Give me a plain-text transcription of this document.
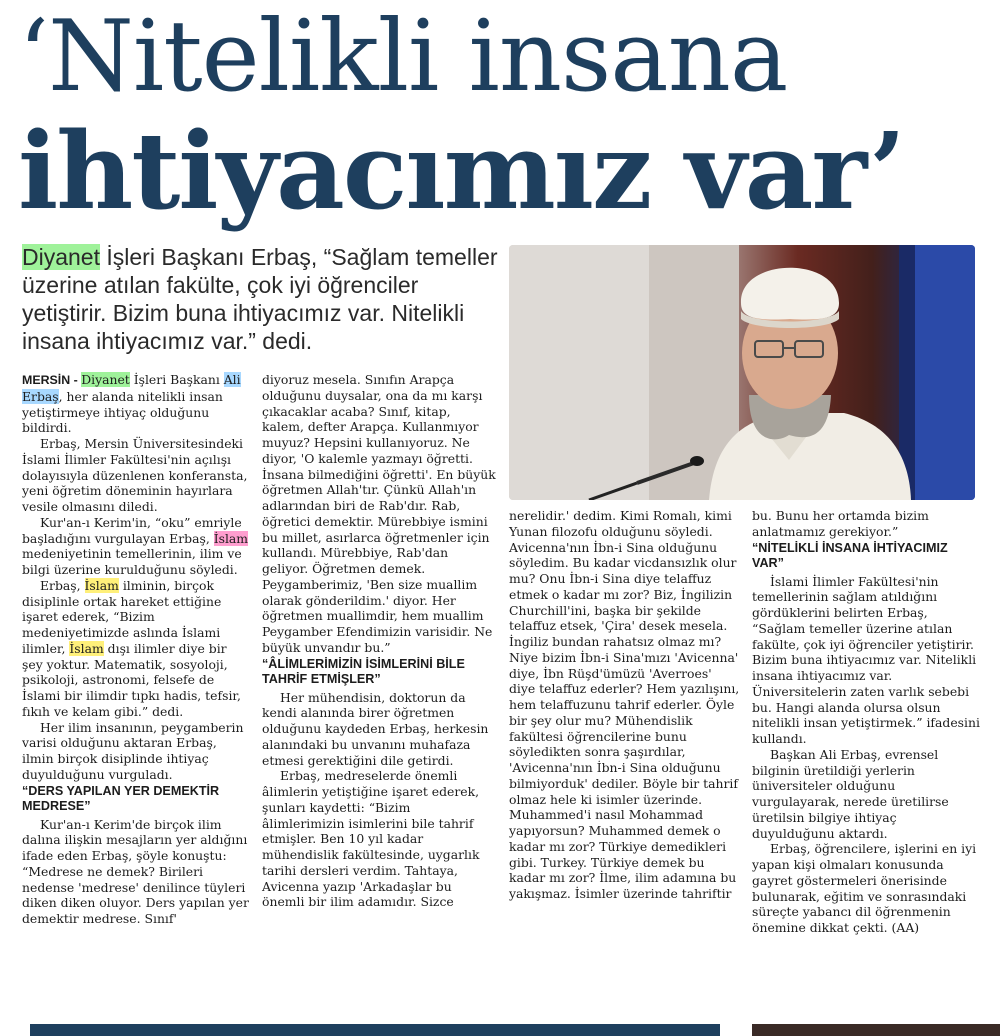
‘Nitelikli insana
ihtiyacımız var’
Diyanet İşleri Başkanı Erbaş, “Sağlam temeller üzerine atılan fakülte, çok iyi öğrenciler yetiştirir. Bizim buna ihtiyacımız var. Nitelikli insana ihtiyacımız var.” dedi.

MERSİN - Diyanet İşleri Başkanı Ali Erbaş, her alanda nitelikli insan yetiştirmeye ihtiyaç olduğunu bildirdi.

Erbaş, Mersin Üniversitesindeki İslami İlimler Fakültesi'nin açılışı dolayısıyla düzenlenen konferansta, yeni öğretim döneminin hayırlara vesile olmasını diledi.

Kur'an-ı Kerim'in, “oku” emriyle başladığını vurgulayan Erbaş, İslam medeniyetinin temellerinin, ilim ve bilgi üzerine kurulduğunu söyledi.

Erbaş, İslam ilminin, birçok disiplinle ortak hareket ettiğine işaret ederek, “Bizim medeniyetimizde aslında İslami ilimler, İslam dışı ilimler diye bir şey yoktur. Matematik, sosyoloji, psikoloji, astronomi, felsefe de İslami bir ilimdir tıpkı hadis, tefsir, fıkıh ve kelam gibi.” dedi.

Her ilim insanının, peygamberin varisi olduğunu aktaran Erbaş, ilmin birçok disiplinde ihtiyaç duyulduğunu vurguladı.

“DERS YAPILAN YER DEMEKTİR MEDRESE”

Kur'an-ı Kerim'de birçok ilim dalına ilişkin mesajların yer aldığını ifade eden Erbaş, şöyle konuştu: “Medrese ne demek? Birileri nedense 'medrese' denilince tüyleri diken diken oluyor. Ders yapılan yer demektir medrese. Sınıf'

diyoruz mesela. Sınıfın Arapça olduğunu duysalar, ona da mı karşı çıkacaklar acaba? Sınıf, kitap, kalem, defter Arapça. Kullanmıyor muyuz? Hepsini kullanıyoruz. Ne diyor, 'O kalemle yazmayı öğretti. İnsana bilmediğini öğretti'. En büyük öğretmen Allah'tır. Çünkü Allah'ın adlarından biri de Rab'dır. Rab, öğretici demektir. Mürebbiye ismini bu millet, asırlarca öğretmenler için kullandı. Mürebbiye, Rab'dan geliyor. Öğretmen demek. Peygamberimiz, 'Ben size muallim olarak gönderildim.' diyor. Her öğretmen muallimdir, hem muallim Peygamber Efendimizin varisidir. Ne büyük unvandır bu.”

“ÂLİMLERİMİZİN İSİMLERİNİ BİLE TAHRİF ETMİŞLER”

Her mühendisin, doktorun da kendi alanında birer öğretmen olduğunu kaydeden Erbaş, herkesin alanındaki bu unvanını muhafaza etmesi gerektiğini dile getirdi.

Erbaş, medreselerde önemli âlimlerin yetiştiğine işaret ederek, şunları kaydetti: “Bizim âlimlerimizin isimlerini bile tahrif etmişler. Ben 10 yıl kadar mühendislik fakültesinde, uygarlık tarihi dersleri verdim. Tahtaya, Avicenna yazıp 'Arkadaşlar bu önemli bir ilim adamıdır. Sizce

nerelidir.' dedim. Kimi Romalı, kimi Yunan filozofu olduğunu söyledi. Avicenna'nın İbn-i Sina olduğunu söyledim. Bu kadar vicdansızlık olur mu? Onu İbn-i Sina diye telaffuz etmek o kadar mı zor? Biz, İngilizin Churchill'ini, başka bir şekilde telaffuz etsek, 'Çira' desek mesela. İngiliz bundan rahatsız olmaz mı? Niye bizim İbn-i Sina'mızı 'Avicenna' diye, İbn Rüşd'ümüzü 'Averroes' diye telaffuz ederler? Hem yazılışını, hem telaffuzunu tahrif ederler. Öyle bir şey olur mu? Mühendislik fakültesi öğrencilerine bunu söyledikten sonra şaşırdılar, 'Avicenna'nın İbn-i Sina olduğunu bilmiyorduk' dediler. Böyle bir tahrif olmaz hele ki isimler üzerinde. Muhammed'i nasıl Mohammad yapıyorsun? Muhammed demek o kadar mı zor? Türkiye demedikleri gibi. Turkey. Türkiye demek bu kadar mı zor? İlme, ilim adamına bu yakışmaz. İsimler üzerinde tahriftir

bu. Bunu her ortamda bizim anlatmamız gerekiyor.”

“NİTELİKLİ İNSANA İHTİYACIMIZ VAR”

İslami İlimler Fakültesi'nin temellerinin sağlam atıldığını gördüklerini belirten Erbaş, “Sağlam temeller üzerine atılan fakülte, çok iyi öğrenciler yetiştirir. Bizim buna ihtiyacımız var. Nitelikli insana ihtiyacımız var. Üniversitelerin zaten varlık sebebi bu. Hangi alanda olursa olsun nitelikli insan yetiştirmek.” ifadesini kullandı.

Başkan Ali Erbaş, evrensel bilginin üretildiği yerlerin üniversiteler olduğunu vurgulayarak, nerede üretilirse üretilsin bilgiye ihtiyaç duyulduğunu aktardı.

Erbaş, öğrencilere, işlerini en iyi yapan kişi olmaları konusunda gayret göstermeleri önerisinde bulunarak, eğitim ve sonrasındaki süreçte yabancı dil öğrenmenin önemine dikkat çekti. (AA)
